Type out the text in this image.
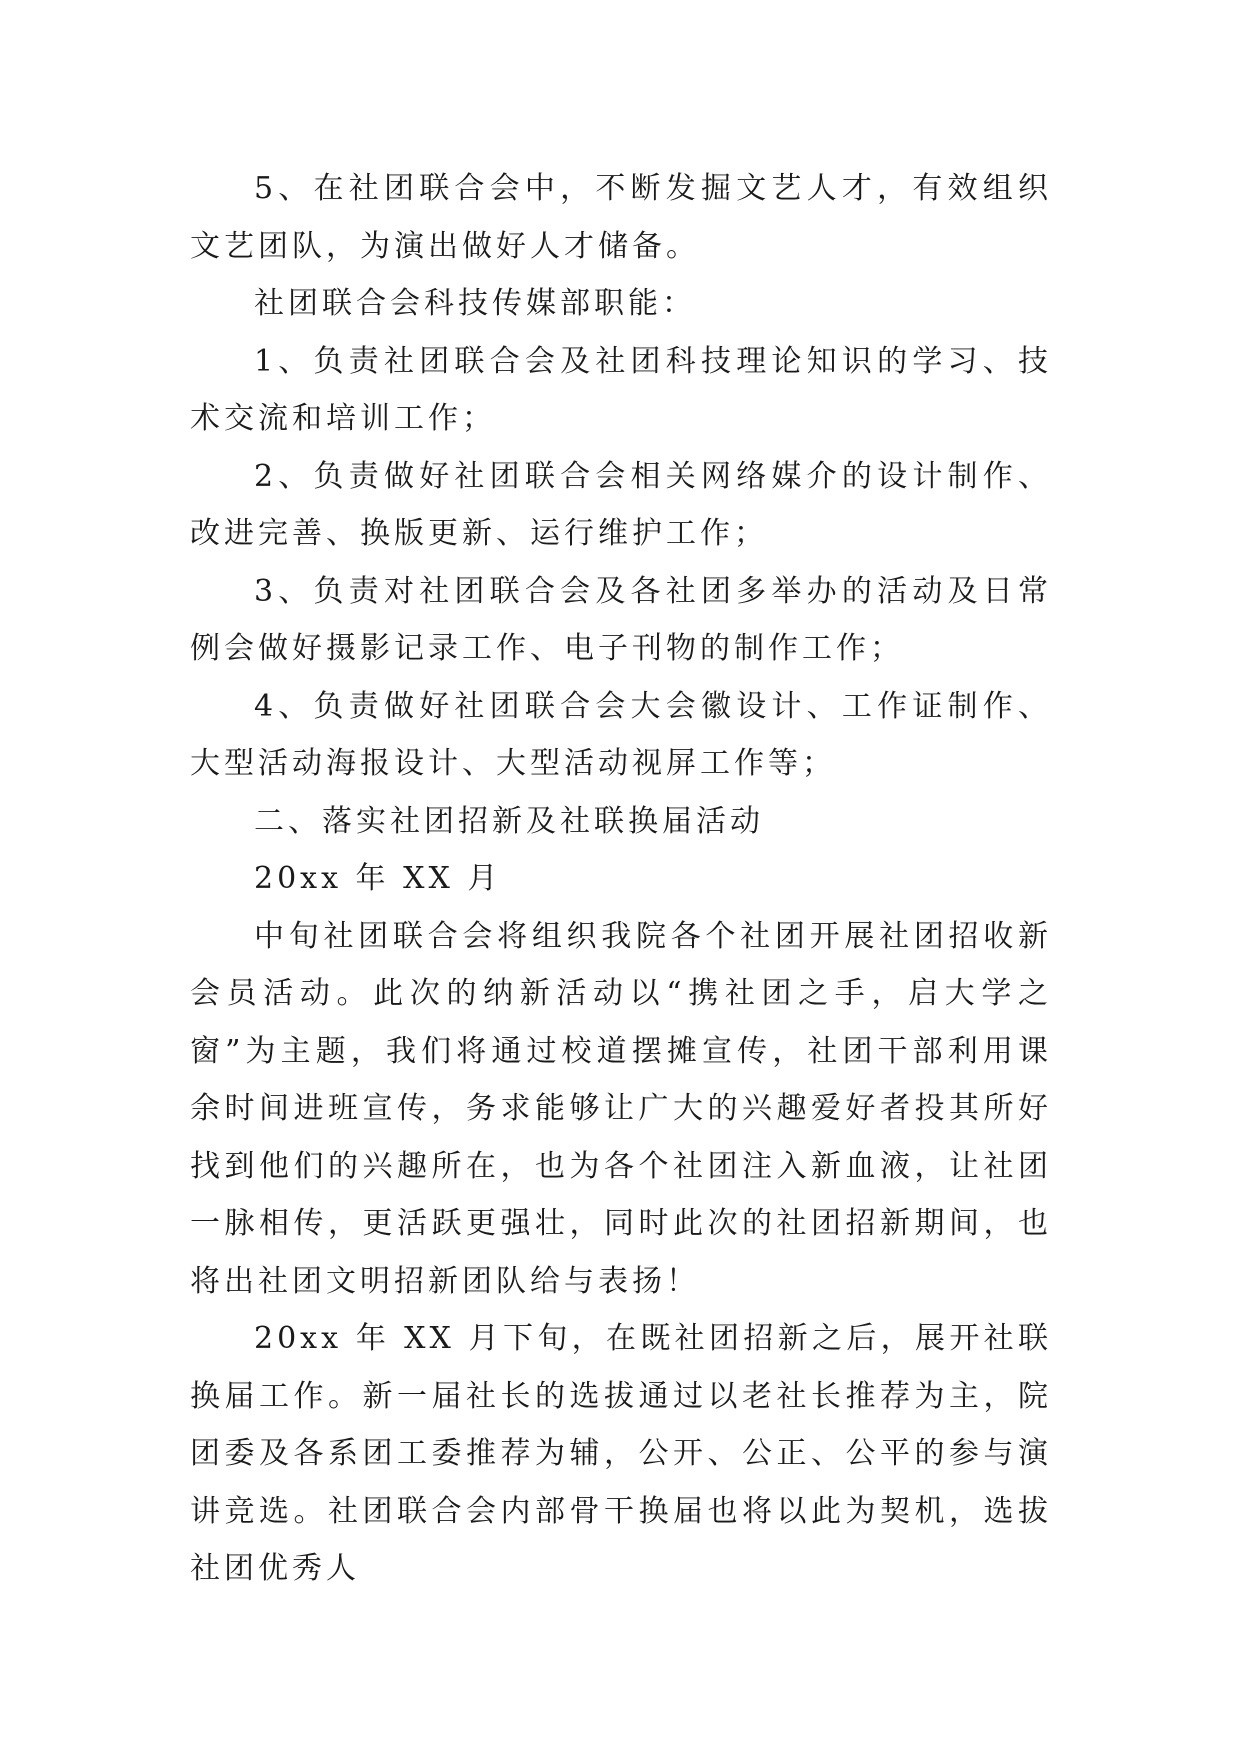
5、在社团联合会中，不断发掘文艺人才，有效组织文艺团队，为演出做好人才储备。

社团联合会科技传媒部职能：

1、负责社团联合会及社团科技理论知识的学习、技术交流和培训工作；

2、负责做好社团联合会相关网络媒介的设计制作、改进完善、换版更新、运行维护工作；

3、负责对社团联合会及各社团多举办的活动及日常例会做好摄影记录工作、电子刊物的制作工作；

4、负责做好社团联合会大会徽设计、工作证制作、大型活动海报设计、大型活动视屏工作等；

二、落实社团招新及社联换届活动

20xx 年 XX 月

中旬社团联合会将组织我院各个社团开展社团招收新会员活动。此次的纳新活动以“携社团之手，启大学之窗”为主题，我们将通过校道摆摊宣传，社团干部利用课余时间进班宣传，务求能够让广大的兴趣爱好者投其所好找到他们的兴趣所在，也为各个社团注入新血液，让社团一脉相传，更活跃更强壮，同时此次的社团招新期间，也将出社团文明招新团队给与表扬！

20xx 年 XX 月下旬，在既社团招新之后，展开社联换届工作。新一届社长的选拔通过以老社长推荐为主，院团委及各系团工委推荐为辅，公开、公正、公平的参与演讲竞选。社团联合会内部骨干换届也将以此为契机，选拔社团优秀人
